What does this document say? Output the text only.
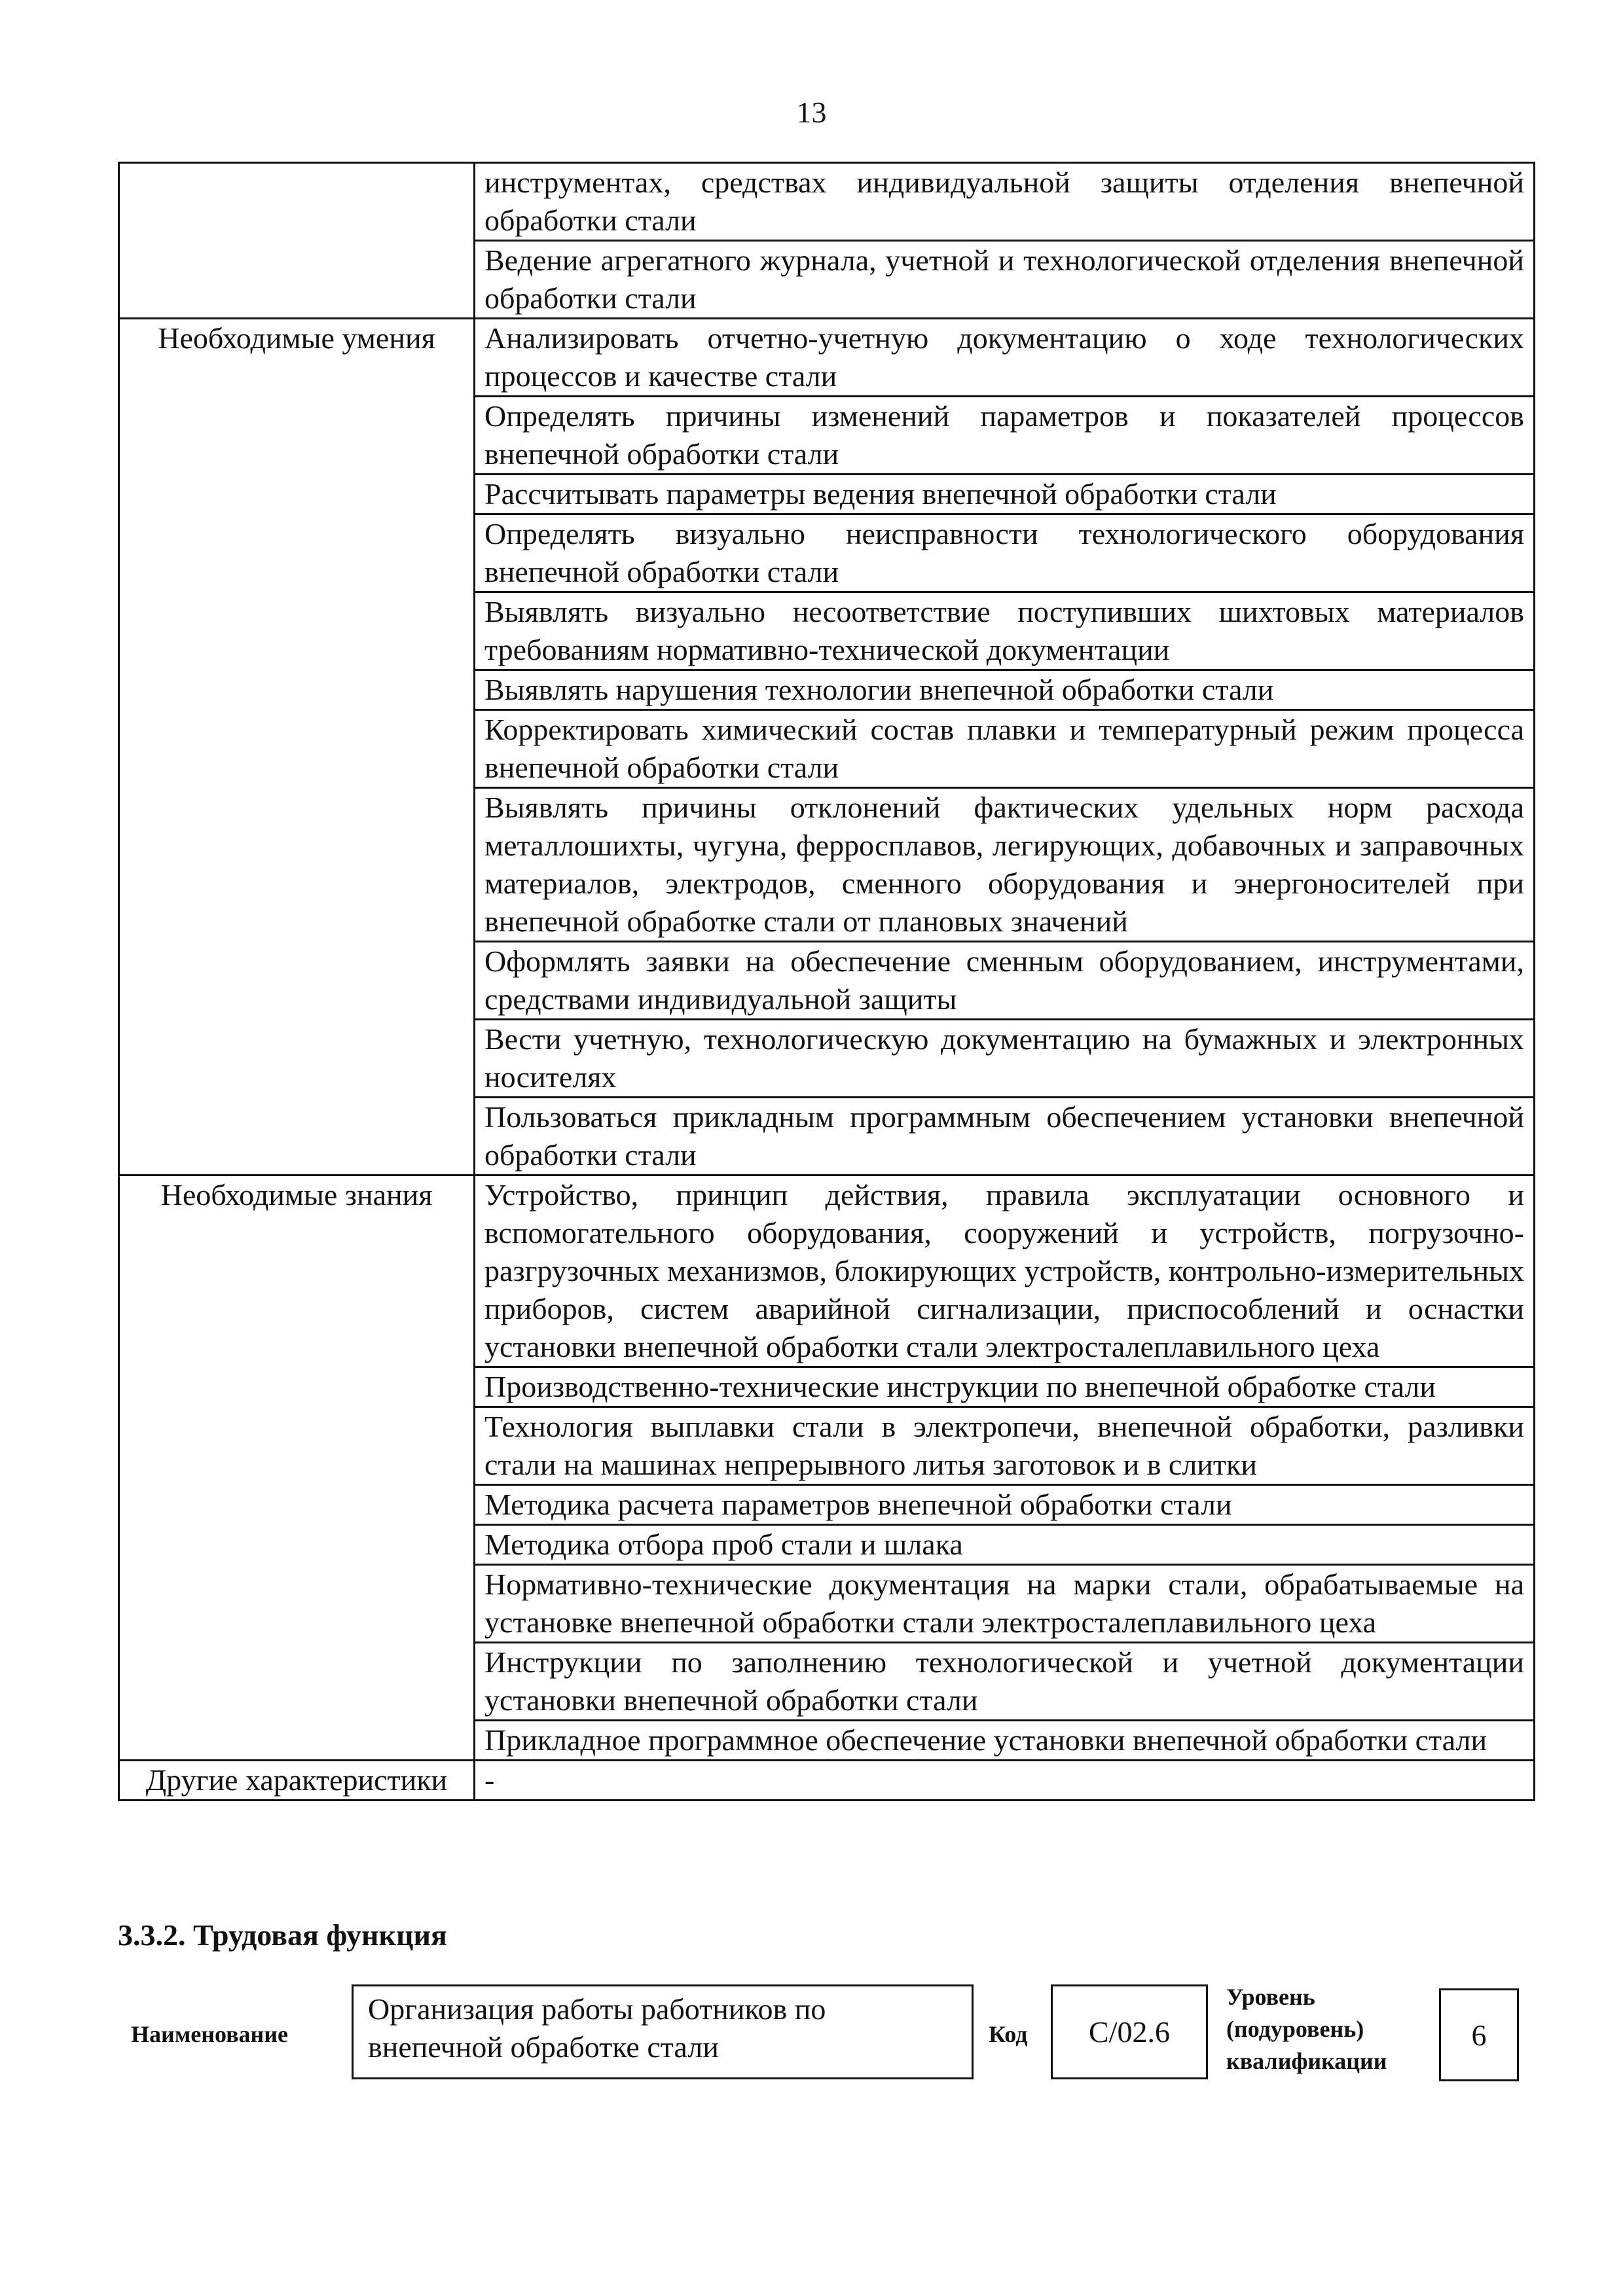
13
	инструментах, средствах индивидуальной защиты отделения внепечной обработки стали
	Ведение агрегатного журнала, учетной и технологической отделения внепечной обработки стали
Необходимые умения	Анализировать отчетно-учетную документацию о ходе технологических процессов и качестве стали
	Определять причины изменений параметров и показателей процессов внепечной обработки стали
	Рассчитывать параметры ведения внепечной обработки стали
	Определять визуально неисправности технологического оборудования внепечной обработки стали
	Выявлять визуально несоответствие поступивших шихтовых материалов требованиям нормативно-технической документации
	Выявлять нарушения технологии внепечной обработки стали
	Корректировать химический состав плавки и температурный режим процесса внепечной обработки стали
	Выявлять причины отклонений фактических удельных норм расхода металлошихты, чугуна, ферросплавов, легирующих, добавочных и заправочных материалов, электродов, сменного оборудования и энергоносителей при внепечной обработке стали от плановых значений
	Оформлять заявки на обеспечение сменным оборудованием, инструментами, средствами индивидуальной защиты
	Вести учетную, технологическую документацию на бумажных и электронных носителях
	Пользоваться прикладным программным обеспечением установки внепечной обработки стали
Необходимые знания	Устройство, принцип действия, правила эксплуатации основного и вспомогательного оборудования, сооружений и устройств, погрузочно-разгрузочных механизмов, блокирующих устройств, контрольно-измерительных приборов, систем аварийной сигнализации, приспособлений и оснастки установки внепечной обработки стали электросталеплавильного цеха
	Производственно-технические инструкции по внепечной обработке стали
	Технология выплавки стали в электропечи, внепечной обработки, разливки стали на машинах непрерывного литья заготовок и в слитки
	Методика расчета параметров внепечной обработки стали
	Методика отбора проб стали и шлака
	Нормативно-технические документация на марки стали, обрабатываемые на установке внепечной обработки стали электросталеплавильного цеха
	Инструкции по заполнению технологической и учетной документации установки внепечной обработки стали
	Прикладное программное обеспечение установки внепечной обработки стали
Другие характеристики	-
3.3.2. Трудовая функция
Наименование
Организация работы работников по внепечной обработке стали	Код	C/02.6
Уровень
(подуровень)
квалификации
6
